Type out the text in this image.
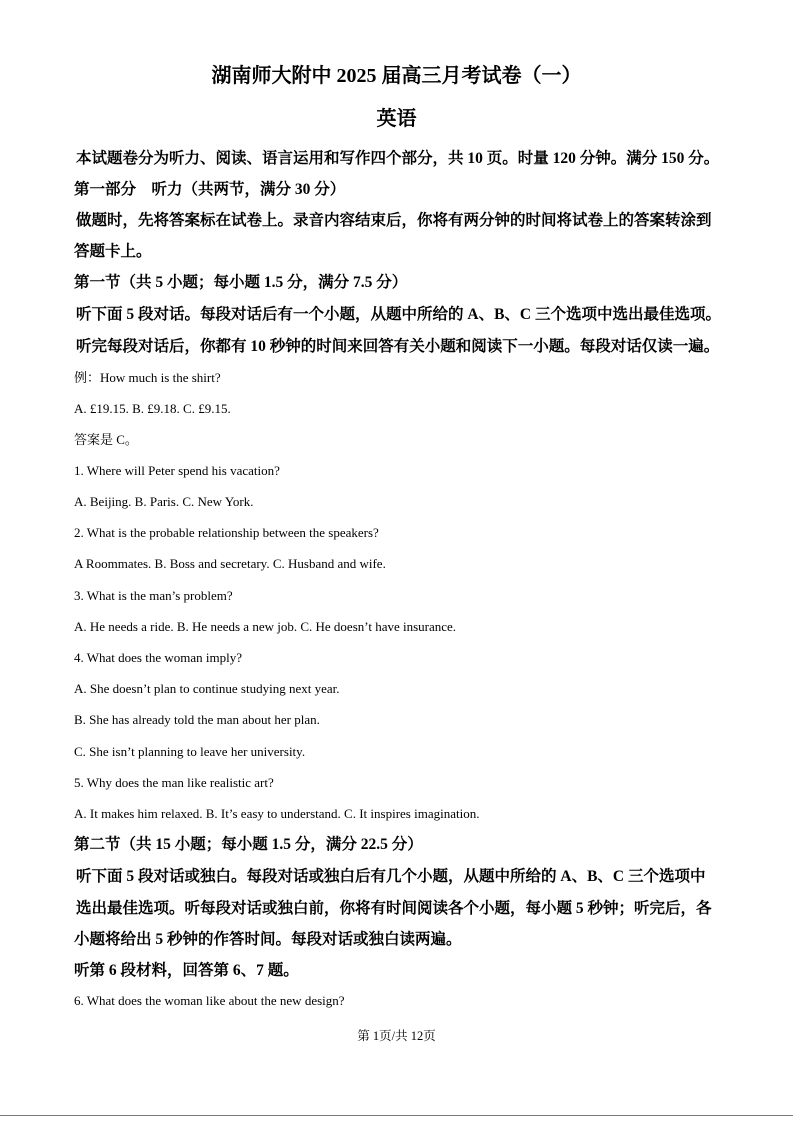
湖南师大附中 2025 届高三月考试卷（一）
英语
本试题卷分为听力、阅读、语言运用和写作四个部分，共 10 页。时量 120 分钟。满分 150 分。
第一部分　听力（共两节，满分 30 分）
做题时，先将答案标在试卷上。录音内容结束后，你将有两分钟的时间将试卷上的答案转涂到
答题卡上。
第一节（共 5 小题；每小题 1.5 分，满分 7.5 分）
听下面 5 段对话。每段对话后有一个小题，从题中所给的 A、B、C 三个选项中选出最佳选项。
听完每段对话后，你都有 10 秒钟的时间来回答有关小题和阅读下一小题。每段对话仅读一遍。
例：How much is the shirt?
A. £19.15. B. £9.18. C. £9.15.
答案是 C。
1. Where will Peter spend his vacation?
A. Beijing. B. Paris. C. New York.
2. What is the probable relationship between the speakers?
A Roommates. B. Boss and secretary. C. Husband and wife.
3. What is the man’s problem?
A. He needs a ride. B. He needs a new job. C. He doesn’t have insurance.
4. What does the woman imply?
A. She doesn’t plan to continue studying next year.
B. She has already told the man about her plan.
C. She isn’t planning to leave her university.
5. Why does the man like realistic art?
A. It makes him relaxed. B. It’s easy to understand. C. It inspires imagination.
第二节（共 15 小题；每小题 1.5 分，满分 22.5 分）
听下面 5 段对话或独白。每段对话或独白后有几个小题，从题中所给的 A、B、C 三个选项中
选出最佳选项。听每段对话或独白前，你将有时间阅读各个小题，每小题 5 秒钟；听完后，各
小题将给出 5 秒钟的作答时间。每段对话或独白读两遍。
听第 6 段材料，回答第 6、7 题。
6. What does the woman like about the new design?
第 1页/共 12页
